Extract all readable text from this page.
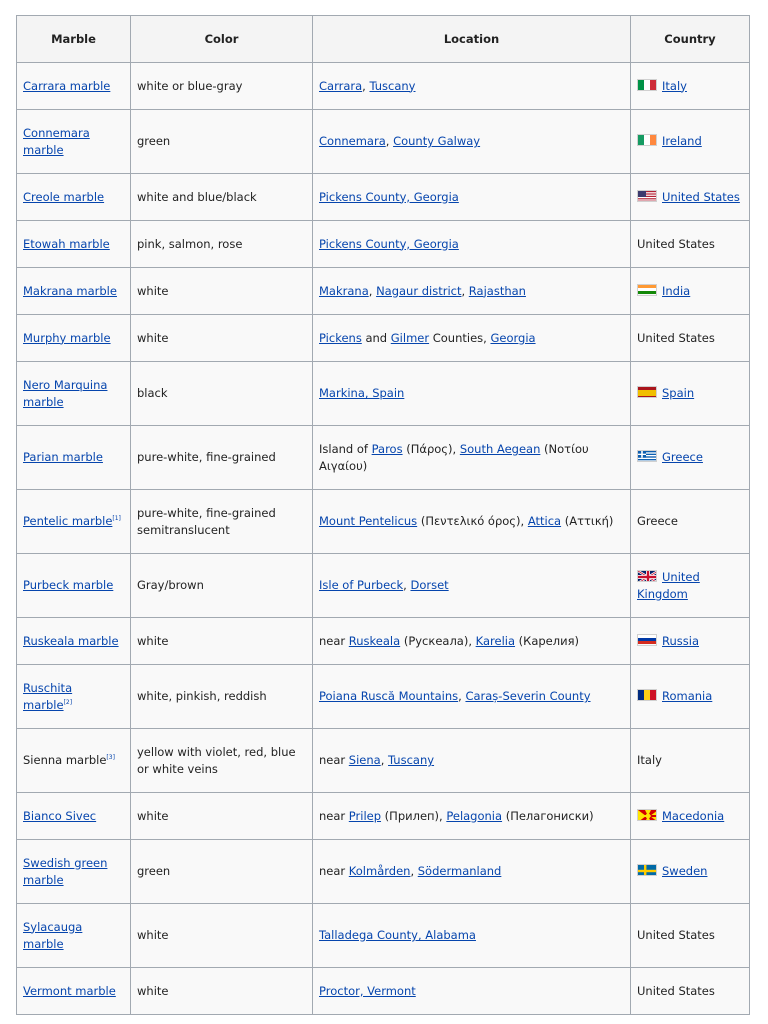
Marble	Color	Location	Country
Carrara marble	white or blue-gray	Carrara, Tuscany	Italy
Connemara marble	green	Connemara, County Galway	Ireland
Creole marble	white and blue/black	Pickens County, Georgia	United States
Etowah marble	pink, salmon, rose	Pickens County, Georgia	United States
Makrana marble	white	Makrana, Nagaur district, Rajasthan	India
Murphy marble	white	Pickens and Gilmer Counties, Georgia	United States
Nero Marquina marble	black	Markina, Spain	Spain
Parian marble	pure-white, fine-grained	Island of Paros (Πάρος), South Aegean (Νοτίου Αιγαίου)	Greece
Pentelic marble[1]	pure-white, fine-grained semitranslucent	Mount Pentelicus (Πεντελικό όρος), Attica (Αττική)	Greece
Purbeck marble	Gray/brown	Isle of Purbeck, Dorset	United Kingdom
Ruskeala marble	white	near Ruskeala (Рускеала), Karelia (Карелия)	Russia
Ruschita marble[2]	white, pinkish, reddish	Poiana Ruscă Mountains, Caraș-Severin County	Romania
Sienna marble[3]	yellow with violet, red, blue or white veins	near Siena, Tuscany	Italy
Bianco Sivec	white	near Prilep (Прилеп), Pelagonia (Пелагониски)	Macedonia
Swedish green marble	green	near Kolmården, Södermanland	Sweden
Sylacauga marble	white	Talladega County, Alabama	United States
Vermont marble	white	Proctor, Vermont	United States
